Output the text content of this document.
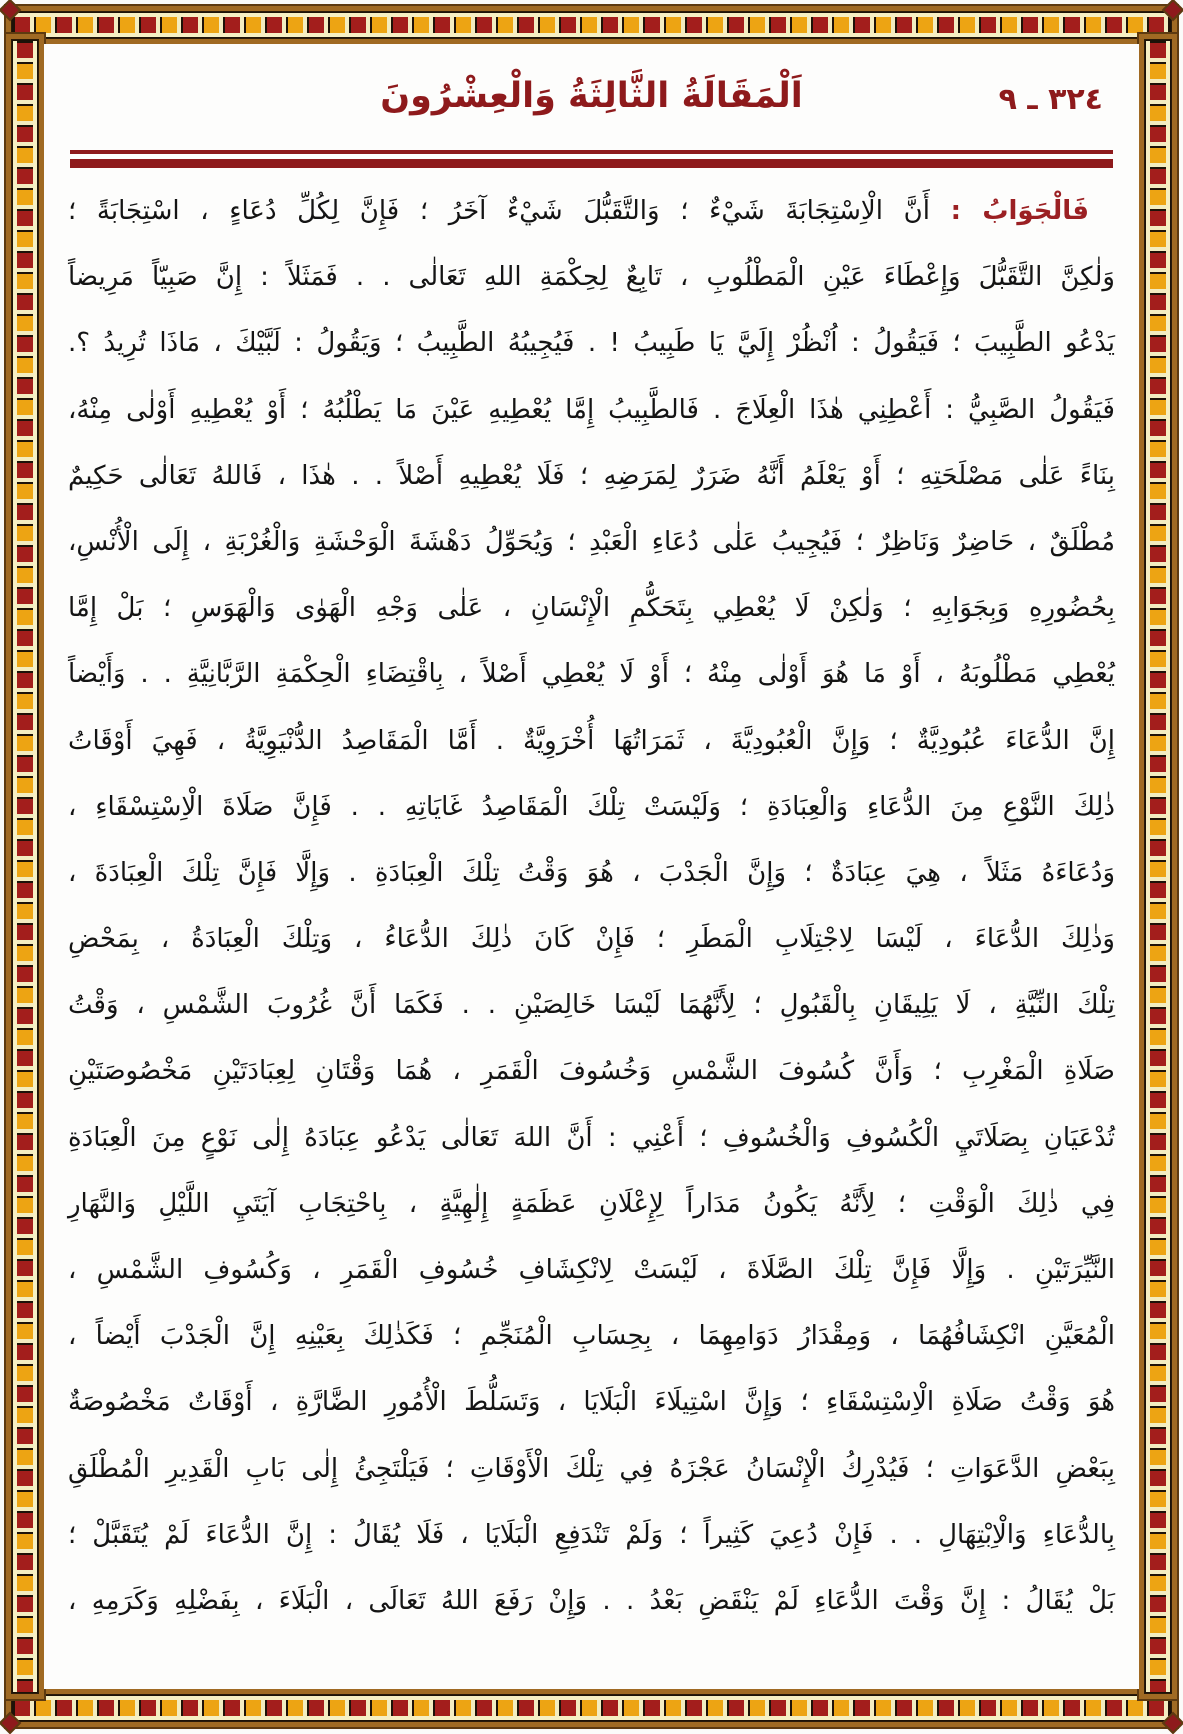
اَلْمَقَالَةُ الثَّالِثَةُ وَالْعِشْرُونَ	٣٢٤ ـ ٩
فَالْجَوَابُ : أَنَّ الْاِسْتِجَابَةَ شَيْءٌ ؛ وَالتَّقَبُّلَ شَيْءٌ آخَرُ ؛ فَإِنَّ لِكُلِّ دُعَاءٍ ، اسْتِجَابَةً ؛
وَلٰكِنَّ التَّقَبُّلَ وَإِعْطَاءَ عَيْنِ الْمَطْلُوبِ ، تَابِعٌ لِحِكْمَةِ اللهِ تَعَالٰى . . فَمَثَلاً : إِنَّ صَبِيّاً مَرِيضاً
يَدْعُو الطَّبِيبَ ؛ فَيَقُولُ : اُنْظُرْ إِلَيَّ يَا طَبِيبُ ! . فَيُجِيبُهُ الطَّبِيبُ ؛ وَيَقُولُ : لَبَّيْكَ ، مَاذَا تُرِيدُ ؟.
فَيَقُولُ الصَّبِيُّ : أَعْطِنِي هٰذَا الْعِلَاجَ . فَالطَّبِيبُ إِمَّا يُعْطِيهِ عَيْنَ مَا يَطْلُبُهُ ؛ أَوْ يُعْطِيهِ أَوْلٰى مِنْهُ،
بِنَاءً عَلٰى مَصْلَحَتِهِ ؛ أَوْ يَعْلَمُ أَنَّهُ ضَرَرٌ لِمَرَضِهِ ؛ فَلَا يُعْطِيهِ أَصْلاً . . هٰذَا ، فَاللهُ تَعَالٰى حَكِيمٌ
مُطْلَقٌ ، حَاضِرٌ وَنَاظِرٌ ؛ فَيُجِيبُ عَلٰى دُعَاءِ الْعَبْدِ ؛ وَيُحَوِّلُ دَهْشَةَ الْوَحْشَةِ وَالْغُرْبَةِ ، إِلَى الْأُنْسِ،
بِحُضُورِهِ وَبِجَوَابِهِ ؛ وَلٰكِنْ لَا يُعْطِي بِتَحَكُّمِ الْإِنْسَانِ ، عَلٰى وَجْهِ الْهَوٰى وَالْهَوَسِ ؛ بَلْ إِمَّا
يُعْطِي مَطْلُوبَهُ ، أَوْ مَا هُوَ أَوْلٰى مِنْهُ ؛ أَوْ لَا يُعْطِي أَصْلاً ، بِاقْتِضَاءِ الْحِكْمَةِ الرَّبَّانِيَّةِ . . وَأَيْضاً
إِنَّ الدُّعَاءَ عُبُودِيَّةٌ ؛ وَإِنَّ الْعُبُودِيَّةَ ، ثَمَرَاتُهَا أُخْرَوِيَّةٌ . أَمَّا الْمَقَاصِدُ الدُّنْيَوِيَّةُ ، فَهِيَ أَوْقَاتُ
ذٰلِكَ النَّوْعِ مِنَ الدُّعَاءِ وَالْعِبَادَةِ ؛ وَلَيْسَتْ تِلْكَ الْمَقَاصِدُ غَايَاتِهِ . . فَإِنَّ صَلَاةَ الْاِسْتِسْقَاءِ ،
وَدُعَاءَهُ مَثَلاً ، هِيَ عِبَادَةٌ ؛ وَإِنَّ الْجَدْبَ ، هُوَ وَقْتُ تِلْكَ الْعِبَادَةِ . وَإِلَّا فَإِنَّ تِلْكَ الْعِبَادَةَ ،
وَذٰلِكَ الدُّعَاءَ ، لَيْسَا لِاجْتِلَابِ الْمَطَرِ ؛ فَإِنْ كَانَ ذٰلِكَ الدُّعَاءُ ، وَتِلْكَ الْعِبَادَةُ ، بِمَحْضِ
تِلْكَ النِّيَّةِ ، لَا يَلِيقَانِ بِالْقَبُولِ ؛ لِأَنَّهُمَا لَيْسَا خَالِصَيْنِ . . فَكَمَا أَنَّ غُرُوبَ الشَّمْسِ ، وَقْتُ
صَلَاةِ الْمَغْرِبِ ؛ وَأَنَّ كُسُوفَ الشَّمْسِ وَخُسُوفَ الْقَمَرِ ، هُمَا وَقْتَانِ لِعِبَادَتَيْنِ مَخْصُوصَتَيْنِ
تُدْعَيَانِ بِصَلَاتَيِ الْكُسُوفِ وَالْخُسُوفِ ؛ أَعْنِي : أَنَّ اللهَ تَعَالٰى يَدْعُو عِبَادَهُ إِلٰى نَوْعٍ مِنَ الْعِبَادَةِ
فِي ذٰلِكَ الْوَقْتِ ؛ لِأَنَّهُ يَكُونُ مَدَاراً لِإِعْلَانِ عَظَمَةٍ إِلٰهِيَّةٍ ، بِاحْتِجَابِ آيَتَيِ اللَّيْلِ وَالنَّهَارِ
النَّيِّرَتَيْنِ . وَإِلَّا فَإِنَّ تِلْكَ الصَّلَاةَ ، لَيْسَتْ لِانْكِشَافِ خُسُوفِ الْقَمَرِ ، وَكُسُوفِ الشَّمْسِ ،
الْمُعَيَّنِ انْكِشَافُهُمَا ، وَمِقْدَارُ دَوَامِهِمَا ، بِحِسَابِ الْمُنَجِّمِ ؛ فَكَذٰلِكَ بِعَيْنِهِ إِنَّ الْجَدْبَ أَيْضاً ،
هُوَ وَقْتُ صَلَاةِ الْاِسْتِسْقَاءِ ؛ وَإِنَّ اسْتِيلَاءَ الْبَلَايَا ، وَتَسَلُّطَ الْأُمُورِ الضَّارَّةِ ، أَوْقَاتٌ مَخْصُوصَةٌ
بِبَعْضِ الدَّعَوَاتِ ؛ فَيُدْرِكُ الْإِنْسَانُ عَجْزَهُ فِي تِلْكَ الْأَوْقَاتِ ؛ فَيَلْتَجِئُ إِلٰى بَابِ الْقَدِيرِ الْمُطْلَقِ
بِالدُّعَاءِ وَالْاِبْتِهَالِ . . فَإِنْ دُعِيَ كَثِيراً ؛ وَلَمْ تَنْدَفِعِ الْبَلَايَا ، فَلَا يُقَالُ : إِنَّ الدُّعَاءَ لَمْ يُتَقَبَّلْ ؛
بَلْ يُقَالُ : إِنَّ وَقْتَ الدُّعَاءِ لَمْ يَنْقَضِ بَعْدُ . . وَإِنْ رَفَعَ اللهُ تَعَالَى ، الْبَلَاءَ ، بِفَضْلِهِ وَكَرَمِهِ ،
